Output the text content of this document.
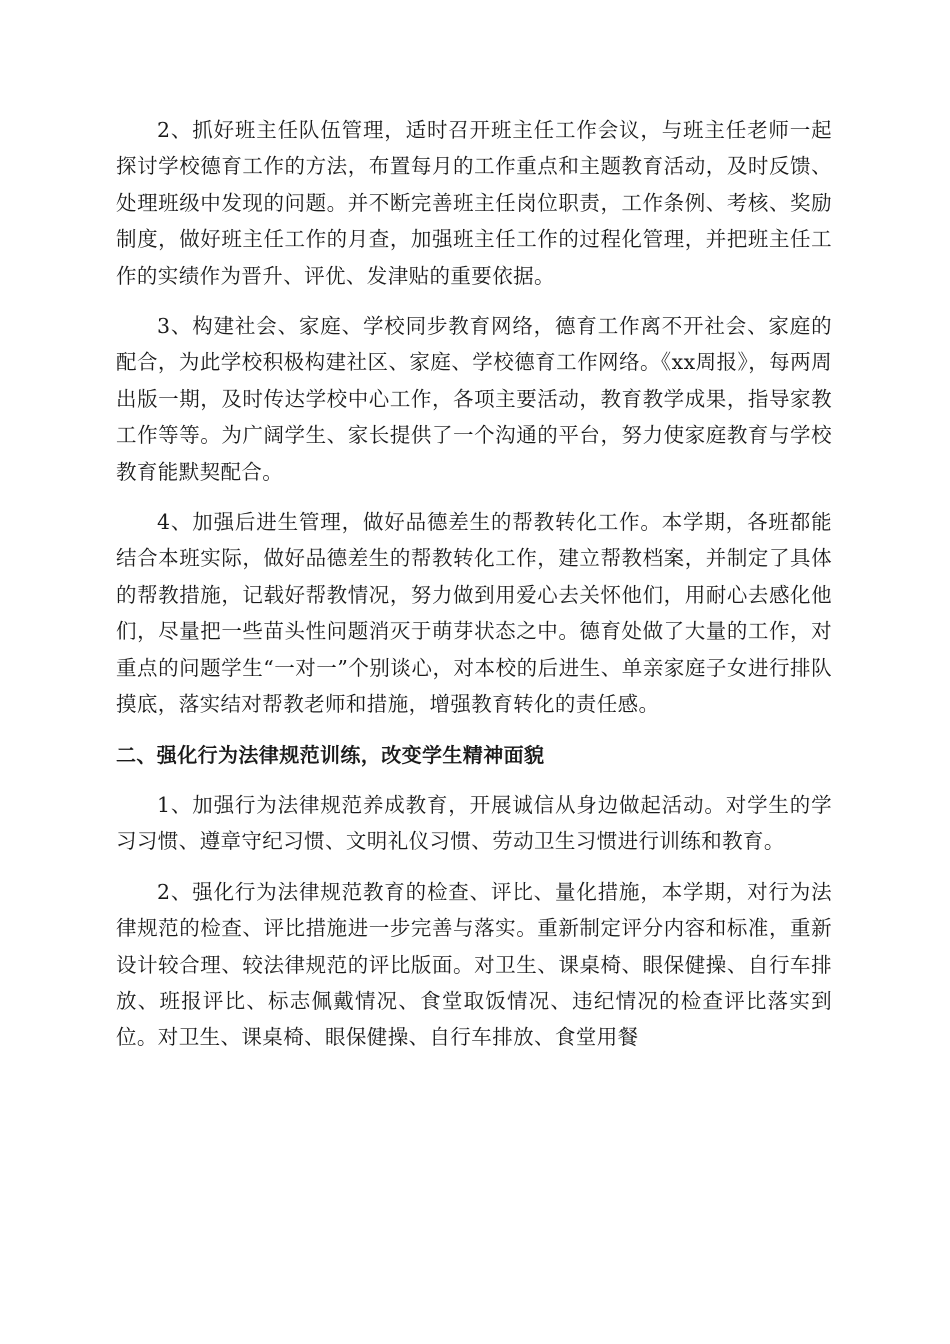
2、抓好班主任队伍管理，适时召开班主任工作会议，与班主任老师一起探讨学校德育工作的方法，布置每月的工作重点和主题教育活动，及时反馈、处理班级中发现的问题。并不断完善班主任岗位职责，工作条例、考核、奖励制度，做好班主任工作的月查，加强班主任工作的过程化管理，并把班主任工作的实绩作为晋升、评优、发津贴的重要依据。

3、构建社会、家庭、学校同步教育网络，德育工作离不开社会、家庭的配合，为此学校积极构建社区、家庭、学校德育工作网络。《xx周报》，每两周出版一期，及时传达学校中心工作，各项主要活动，教育教学成果，指导家教工作等等。为广阔学生、家长提供了一个沟通的平台，努力使家庭教育与学校教育能默契配合。

4、加强后进生管理，做好品德差生的帮教转化工作。本学期，各班都能结合本班实际，做好品德差生的帮教转化工作，建立帮教档案，并制定了具体的帮教措施，记载好帮教情况，努力做到用爱心去关怀他们，用耐心去感化他们，尽量把一些苗头性问题消灭于萌芽状态之中。德育处做了大量的工作，对重点的问题学生“一对一”个别谈心，对本校的后进生、单亲家庭子女进行排队摸底，落实结对帮教老师和措施，增强教育转化的责任感。

二、强化行为法律规范训练，改变学生精神面貌

1、加强行为法律规范养成教育，开展诚信从身边做起活动。对学生的学习习惯、遵章守纪习惯、文明礼仪习惯、劳动卫生习惯进行训练和教育。

2、强化行为法律规范教育的检查、评比、量化措施，本学期，对行为法律规范的检查、评比措施进一步完善与落实。重新制定评分内容和标准，重新设计较合理、较法律规范的评比版面。对卫生、课桌椅、眼保健操、自行车排放、班报评比、标志佩戴情况、食堂取饭情况、违纪情况的检查评比落实到位。对卫生、课桌椅、眼保健操、自行车排放、食堂用餐
